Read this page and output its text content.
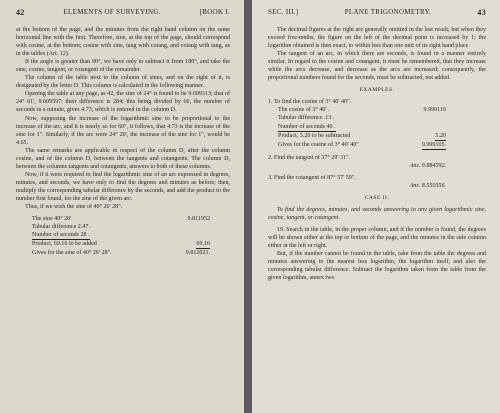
42	ELEMENTS OF SURVEYING.	[BOOK I.

at the bottom of the page, and the minutes from the right hand column on the same horizontal line with the first. Therefore, sine, at the top of the page, should correspond with cosine, at the bottom; cosine with sine, tang with cotang, and cotang with tang, as in the tables (Art. 12).

If the angle is greater than 90°, we have only to subtract it from 180°, and take the sine, cosine, tangent, or cotangent of the remainder.

The column of the table next to the column of sines, and on the right of it, is designated by the letter D. This column is calculated in the following manner.

Opening the table at any page, as 42, the sine of 24° is found to be 9.609313; that of 24° 01', 9.609597: their difference is 284; this being divided by 60, the number of seconds in a minute, gives 4.73, which is entered in the column D.

Now, supposing the increase of the logarithmic sine to be proportional to the increase of the arc, and it is nearly so for 60", it follows, that 4.73 is the increase of the sine for 1". Similarly, if the arc were 24° 20', the increase of the sine for 1", would be 4.65.

The same remarks are applicable in respect of the column D, after the column cosine, and of the column D, between the tangents and cotangents. The column D, between the columns tangents and cotangents, answers to both of these columns.

Now, if it were required to find the logarithmic sine of an arc expressed in degrees, minutes, and seconds, we have only to find the degrees and minutes as before; then, multiply the corresponding tabular difference by the seconds, and add the product to the number first found, for the sine of the given arc.

Thus, if we wish the sine of 40° 26' 28".

The sine 40° 26'	9.811952
Tabular difference 2.47 .
Number of seconds 28 .
Product, 69.16 to be added	69.16
Gives for the sine of 40° 26' 28".	9.812021.
SEC. III.]	PLANE TRIGONOMETRY.	43

The decimal figures at the right are generally omitted in the last result; but when they exceed five-tenths, the figure on the left of the decimal point is increased by 1; the logarithm obtained is then exact, to within less than one unit of its right hand place.

The tangent of an arc, in which there are seconds, is found in a manner entirely similar. In regard to the cosine and cotangent, it must be remembered, that they increase while the arcs decrease, and decrease as the arcs are increased; consequently, the proportional numbers found for the seconds, must be subtracted, not added.

EXAMPLES.
1. To find the cosine of 3° 40' 40".
The cosine of 3° 40' .	9.999110
Tabular difference .13 .
Number of seconds 40 .
Product, 5.20 to be subtracted	5.20
Gives for the cosine of 3° 40' 40"	9.999105.
2. Find the tangent of 37° 29' 31".
Ans. 9.884592.
3. Find the cotangent of 87° 57' 59".
Ans. 8.550356.
CASE II.

To find the degrees, minutes, and seconds answering to any given logarithmic sine, cosine, tangent, or cotangent.

19. Search in the table, in the proper column, and if the number is found, the degrees will be shown either at the top or bottom of the page, and the minutes in the side column either at the left or right.

But, if the number cannot be found in the table, take from the table the degrees and minutes answering to the nearest less logarithm, the logarithm itself, and also the corresponding tabular difference. Subtract the logarithm taken from the table from the given logarithm, annex two
